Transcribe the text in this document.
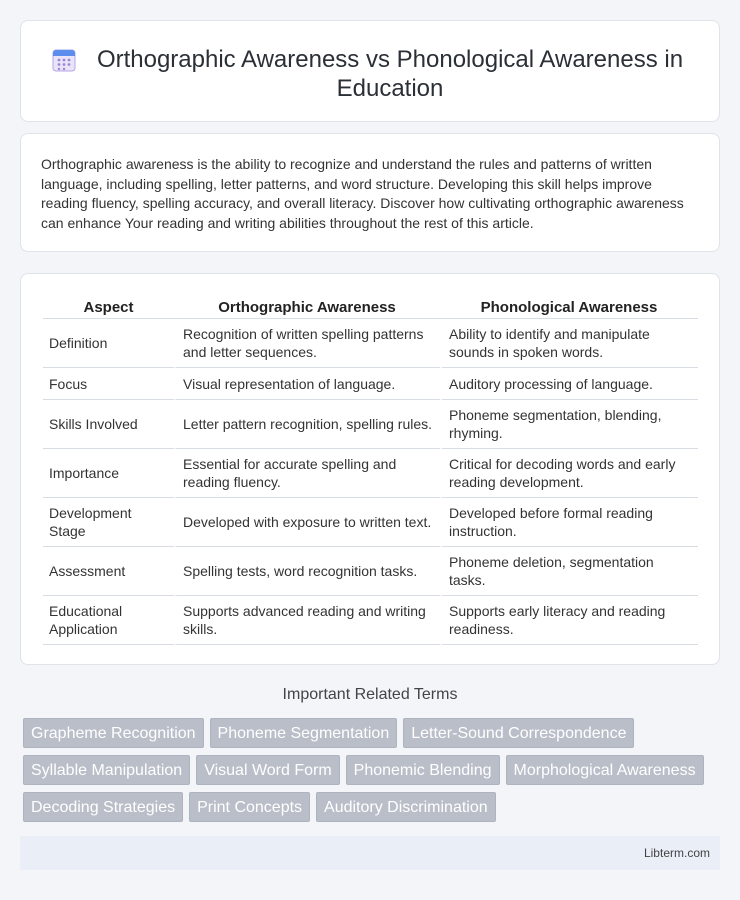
Orthographic Awareness vs Phonological Awareness in Education

Orthographic awareness is the ability to recognize and understand the rules and patterns of written language, including spelling, letter patterns, and word structure. Developing this skill helps improve reading fluency, spelling accuracy, and overall literacy. Discover how cultivating orthographic awareness can enhance Your reading and writing abilities throughout the rest of this article.

Aspect	Orthographic Awareness	Phonological Awareness
Definition	Recognition of written spelling patterns and letter sequences.	Ability to identify and manipulate sounds in spoken words.
Focus	Visual representation of language.	Auditory processing of language.
Skills Involved	Letter pattern recognition, spelling rules.	Phoneme segmentation, blending, rhyming.
Importance	Essential for accurate spelling and reading fluency.	Critical for decoding words and early reading development.
Development Stage	Developed with exposure to written text.	Developed before formal reading instruction.
Assessment	Spelling tests, word recognition tasks.	Phoneme deletion, segmentation tasks.
Educational Application	Supports advanced reading and writing skills.	Supports early literacy and reading readiness.
Important Related Terms
Grapheme Recognition	Phoneme Segmentation	Letter-Sound Correspondence
Syllable Manipulation	Visual Word Form	Phonemic Blending	Morphological Awareness
Decoding Strategies	Print Concepts	Auditory Discrimination
Libterm.com
